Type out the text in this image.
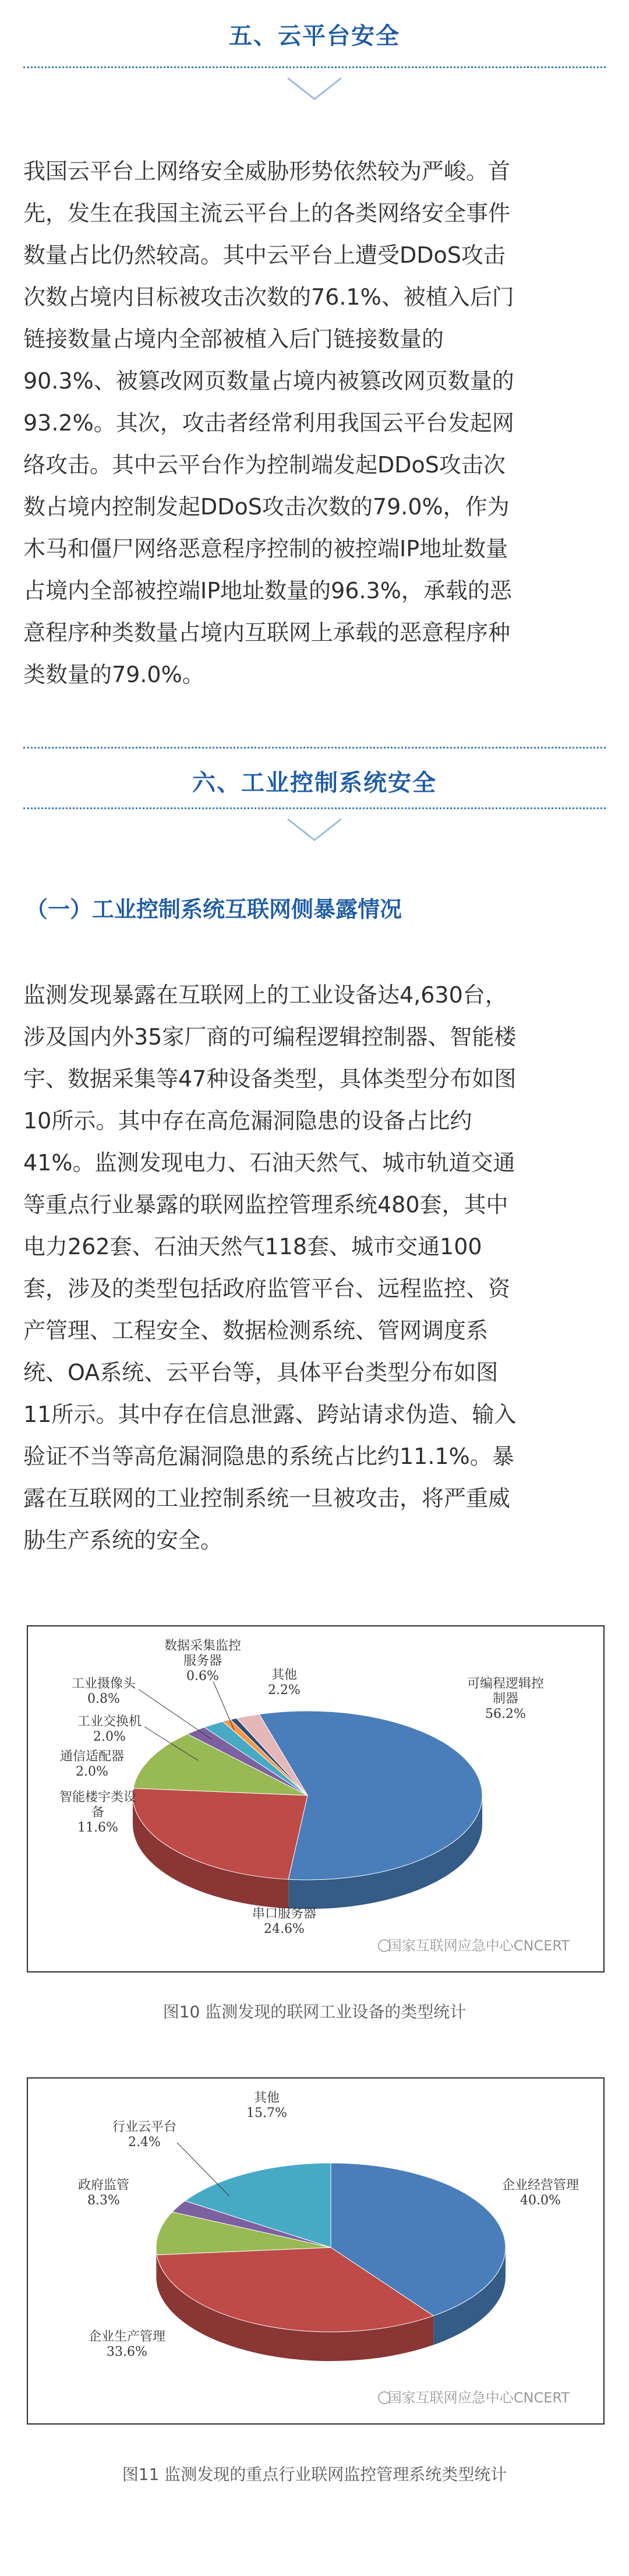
五、云平台安全
我国云平台上网络安全威胁形势依然较为严峻。首
先，发生在我国主流云平台上的各类网络安全事件
数量占比仍然较高。其中云平台上遭受DDoS攻击
次数占境内目标被攻击次数的76.1%、被植入后门
链接数量占境内全部被植入后门链接数量的
90.3%、被篡改网页数量占境内被篡改网页数量的
93.2%。其次，攻击者经常利用我国云平台发起网
络攻击。其中云平台作为控制端发起DDoS攻击次
数占境内控制发起DDoS攻击次数的79.0%，作为
木马和僵尸网络恶意程序控制的被控端IP地址数量
占境内全部被控端IP地址数量的96.3%，承载的恶
意程序种类数量占境内互联网上承载的恶意程序种
类数量的79.0%。
六、工业控制系统安全
（一）工业控制系统互联网侧暴露情况
监测发现暴露在互联网上的工业设备达4,630台，
涉及国内外35家厂商的可编程逻辑控制器、智能楼
宇、数据采集等47种设备类型，具体类型分布如图
10所示。其中存在高危漏洞隐患的设备占比约
41%。监测发现电力、石油天然气、城市轨道交通
等重点行业暴露的联网监控管理系统480套，其中
电力262套、石油天然气118套、城市交通100
套，涉及的类型包括政府监管平台、远程监控、资
产管理、工程安全、数据检测系统、管网调度系
统、OA系统、云平台等，具体平台类型分布如图
11所示。其中存在信息泄露、跨站请求伪造、输入
验证不当等高危漏洞隐患的系统占比约11.1%。暴
露在互联网的工业控制系统一旦被攻击，将严重威
胁生产系统的安全。
可编程逻辑控
制器
56.2%
串口服务器
24.6%
智能楼宇类设
备
11.6%
通信适配器
2.0%
工业交换机
2.0%
工业摄像头
0.8%
数据采集监控
服务器
0.6%	其他
2.2%
国家互联网应急中心CNCERT
图10 监测发现的联网工业设备的类型统计
企业经营管理
40.0%
企业生产管理
33.6%
政府监管
8.3%
行业云平台
2.4%
其他
15.7%
国家互联网应急中心CNCERT
图11 监测发现的重点行业联网监控管理系统类型统计
